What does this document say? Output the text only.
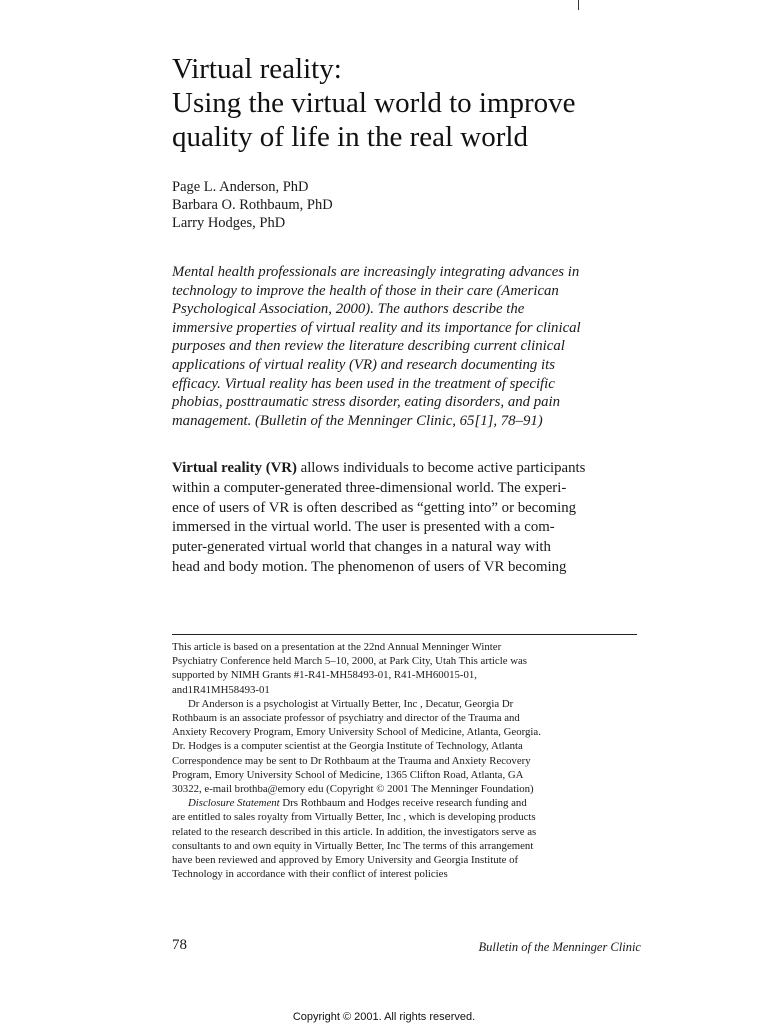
Virtual reality:
Using the virtual world to improve
quality of life in the real world
Page L. Anderson, PhD
Barbara O. Rothbaum, PhD
Larry Hodges, PhD
Mental health professionals are increasingly integrating advances in
technology to improve the health of those in their care (American
Psychological Association, 2000). The authors describe the
immersive properties of virtual reality and its importance for clinical
purposes and then review the literature describing current clinical
applications of virtual reality (VR) and research documenting its
efficacy. Virtual reality has been used in the treatment of specific
phobias, posttraumatic stress disorder, eating disorders, and pain
management. (Bulletin of the Menninger Clinic, 65[1], 78–91)
Virtual reality (VR) allows individuals to become active participants
within a computer-generated three-dimensional world. The experi-
ence of users of VR is often described as “getting into” or becoming
immersed in the virtual world. The user is presented with a com-
puter-generated virtual world that changes in a natural way with
head and body motion. The phenomenon of users of VR becoming
This article is based on a presentation at the 22nd Annual Menninger Winter
Psychiatry Conference held March 5–10, 2000, at Park City, Utah This article was
supported by NIMH Grants #1-R41-MH58493-01, R41-MH60015-01,
and1R41MH58493-01
Dr Anderson is a psychologist at Virtually Better, Inc , Decatur, Georgia Dr
Rothbaum is an associate professor of psychiatry and director of the Trauma and
Anxiety Recovery Program, Emory University School of Medicine, Atlanta, Georgia.
Dr. Hodges is a computer scientist at the Georgia Institute of Technology, Atlanta
Correspondence may be sent to Dr Rothbaum at the Trauma and Anxiety Recovery
Program, Emory University School of Medicine, 1365 Clifton Road, Atlanta, GA
30322, e-mail brothba@emory edu (Copyright © 2001 The Menninger Foundation)
Disclosure Statement Drs Rothbaum and Hodges receive research funding and
are entitled to sales royalty from Virtually Better, Inc , which is developing products
related to the research described in this article. In addition, the investigators serve as
consultants to and own equity in Virtually Better, Inc The terms of this arrangement
have been reviewed and approved by Emory University and Georgia Institute of
Technology in accordance with their conflict of interest policies
78	Bulletin of the Menninger Clinic
Copyright © 2001. All rights reserved.
